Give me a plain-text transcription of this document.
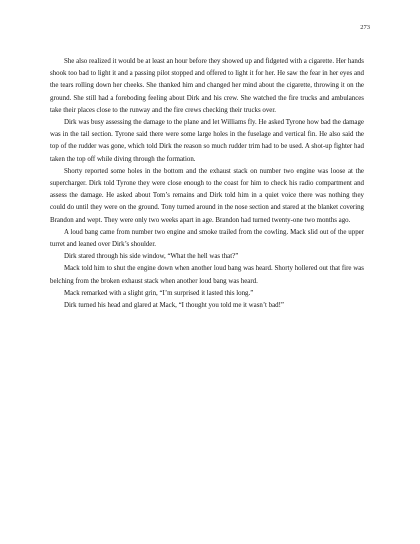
273

She also realized it would be at least an hour before they showed up and fidgeted with a cigarette. Her hands shook too bad to light it and a passing pilot stopped and offered to light it for her. He saw the fear in her eyes and the tears rolling down her cheeks. She thanked him and changed her mind about the cigarette, throwing it on the ground. She still had a foreboding feeling about Dirk and his crew. She watched the fire trucks and ambulances take their places close to the runway and the fire crews checking their trucks over.

Dirk was busy assessing the damage to the plane and let Williams fly. He asked Tyrone how bad the damage was in the tail section. Tyrone said there were some large holes in the fuselage and vertical fin. He also said the top of the rudder was gone, which told Dirk the reason so much rudder trim had to be used. A shot-up fighter had taken the top off while diving through the formation.

Shorty reported some holes in the bottom and the exhaust stack on number two engine was loose at the supercharger. Dirk told Tyrone they were close enough to the coast for him to check his radio compartment and assess the damage. He asked about Tom’s remains and Dirk told him in a quiet voice there was nothing they could do until they were on the ground. Tony turned around in the nose section and stared at the blanket covering Brandon and wept. They were only two weeks apart in age. Brandon had turned twenty-one two months ago.

A loud bang came from number two engine and smoke trailed from the cowling. Mack slid out of the upper turret and leaned over Dirk’s shoulder.

Dirk stared through his side window, “What the hell was that?”

Mack told him to shut the engine down when another loud bang was heard. Shorty hollered out that fire was belching from the broken exhaust stack when another loud bang was heard.

Mack remarked with a slight grin, “I’m surprised it lasted this long.”

Dirk turned his head and glared at Mack, “I thought you told me it wasn’t bad!”
